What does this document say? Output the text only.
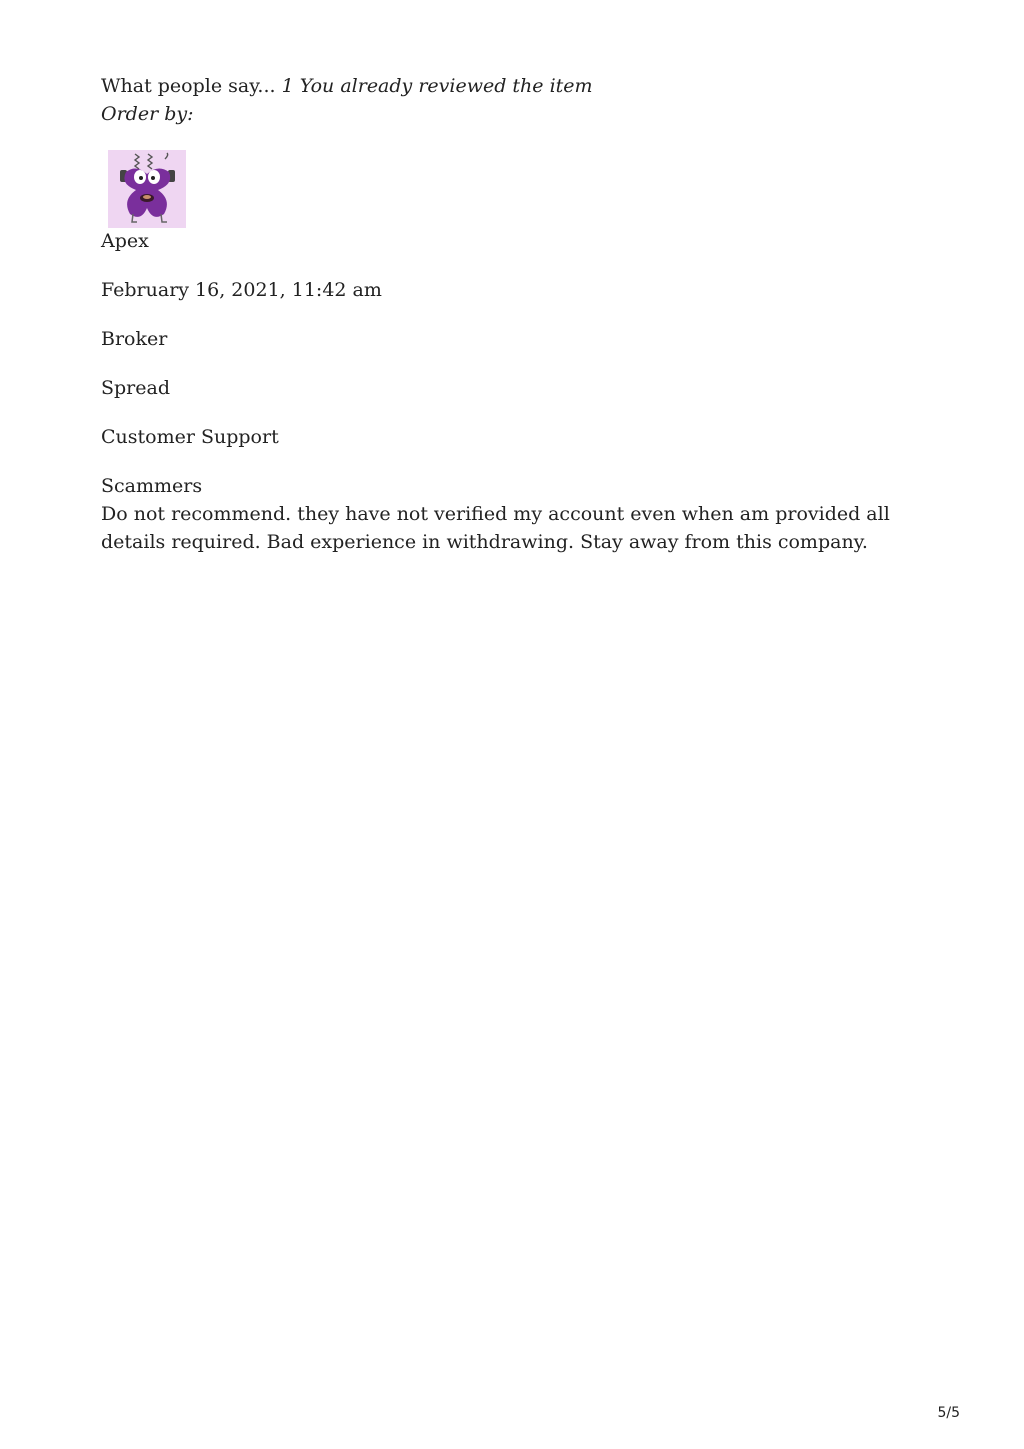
What people say... 1 You already reviewed the item

Order by:

Apex

February 16, 2021, 11:42 am

Broker

Spread

Customer Support

Scammers

Do not recommend. they have not verified my account even when am provided all details required. Bad experience in withdrawing. Stay away from this company.

5/5
